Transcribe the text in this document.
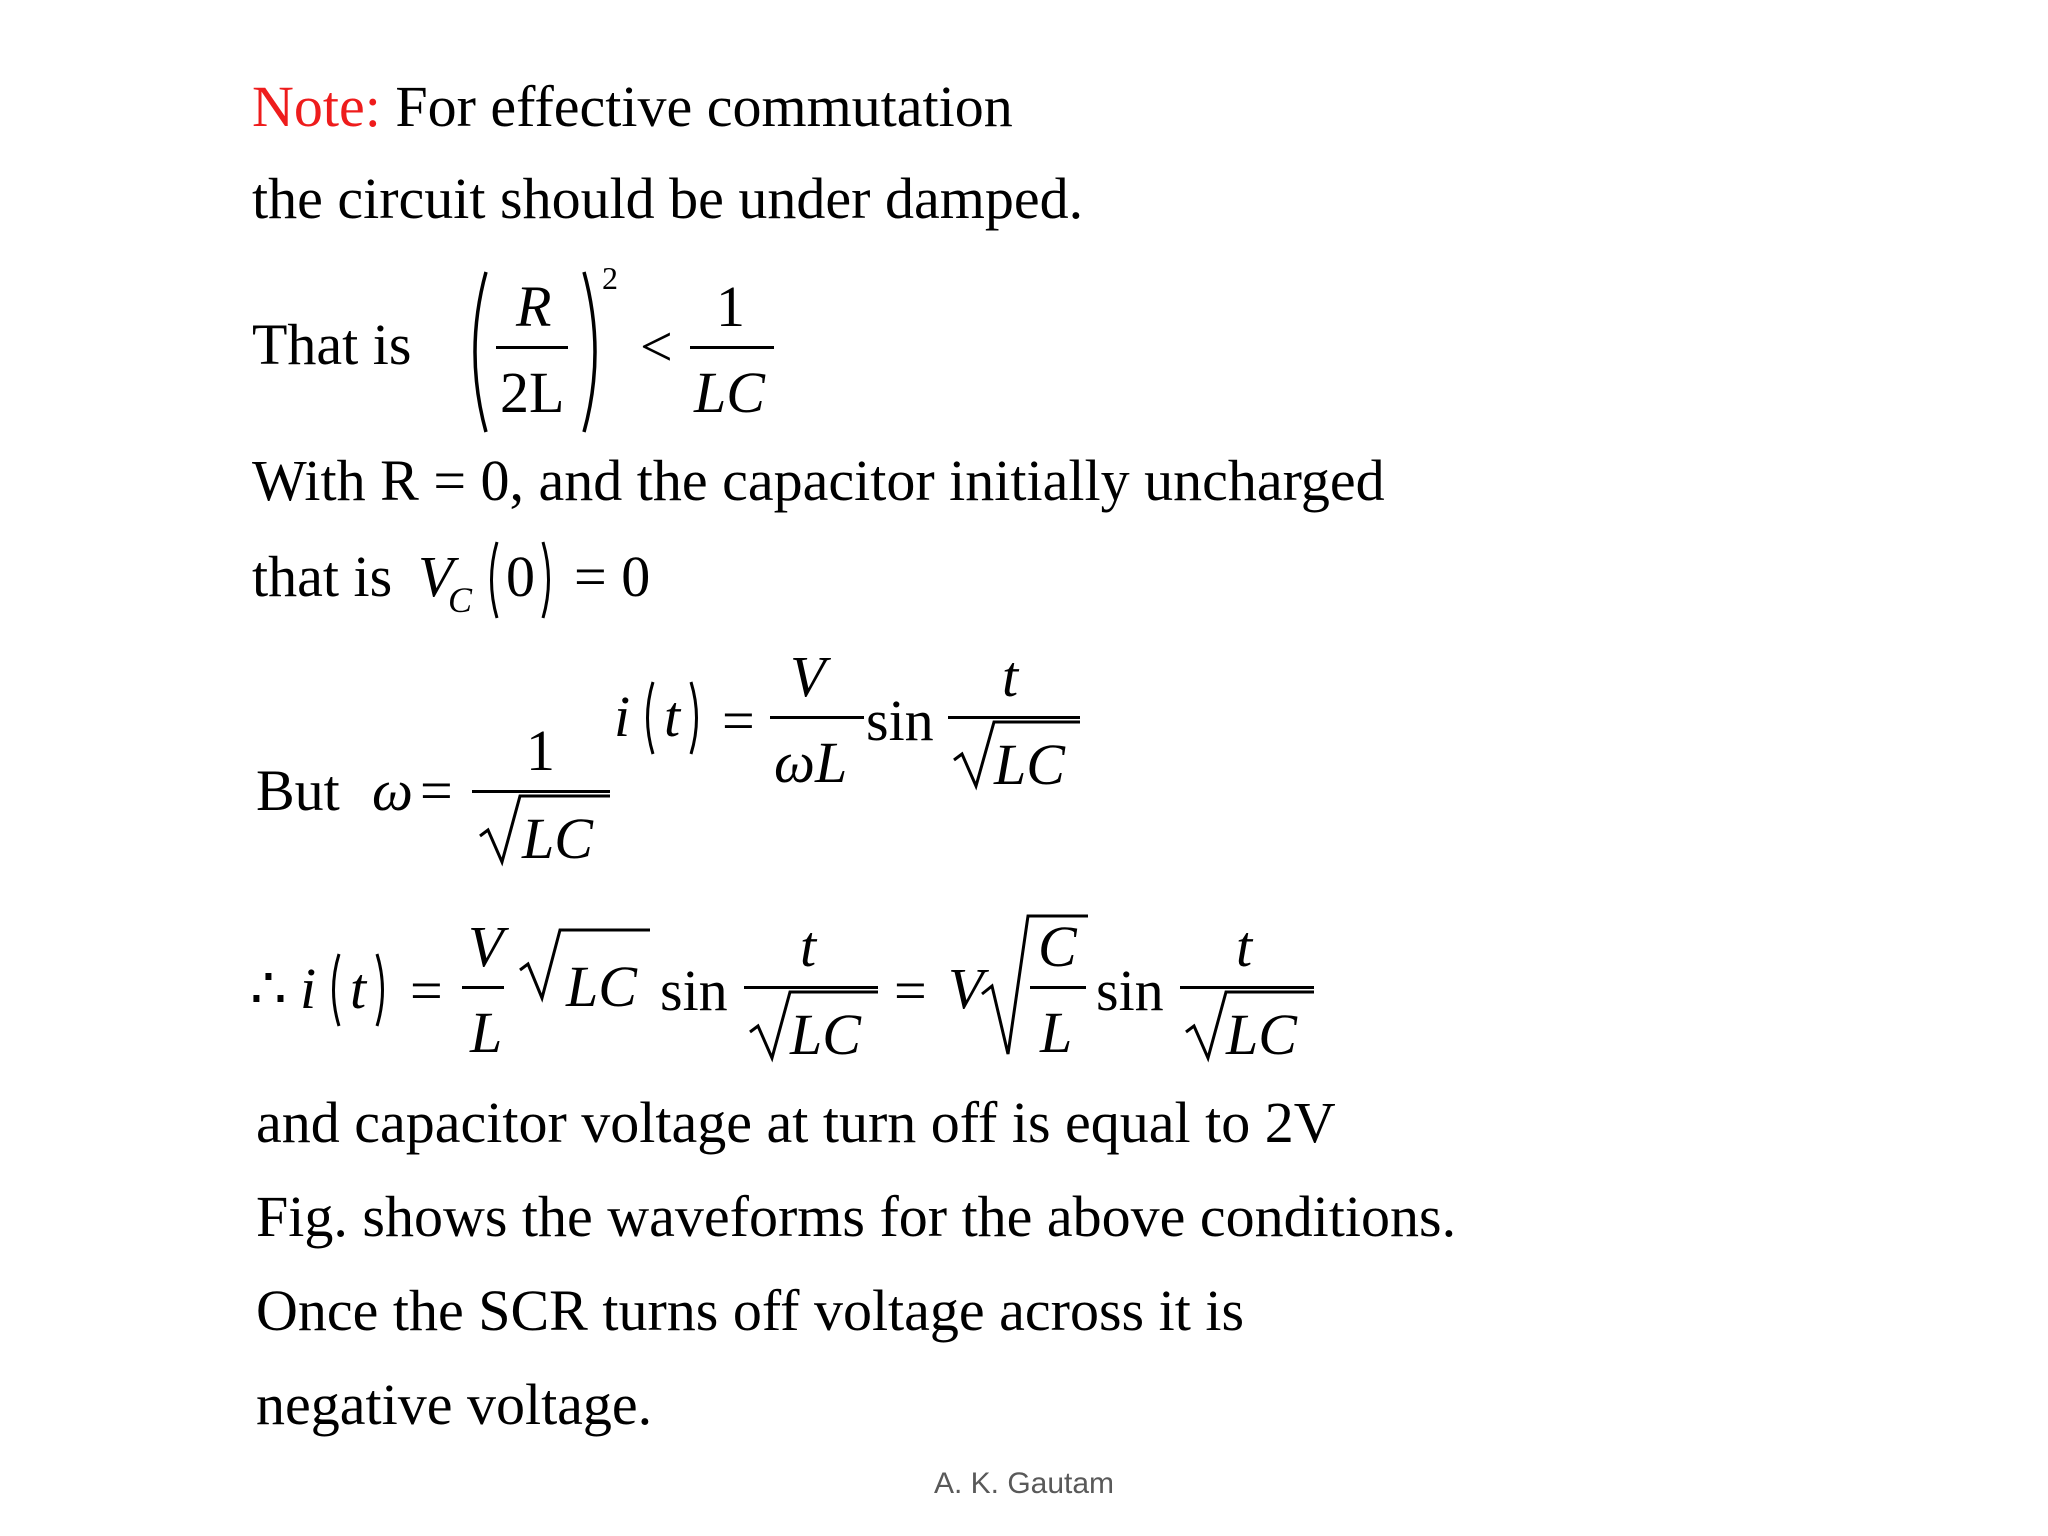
Note: For effective commutation
the circuit should be under damped.
That is
R
2L
2
<
1
LC
With R = 0, and the capacitor initially uncharged
that is V
C 0 = 0
i t =
V
ωL
sin
t
LC
But ω =
1
LC
∴ i t =
V
L
LC sin
t
LC
= V
C
L
sin
t
LC
and capacitor voltage at turn off is equal to 2V
Fig. shows the waveforms for the above conditions.
Once the SCR turns off voltage across it is
negative voltage.
A. K. Gautam
